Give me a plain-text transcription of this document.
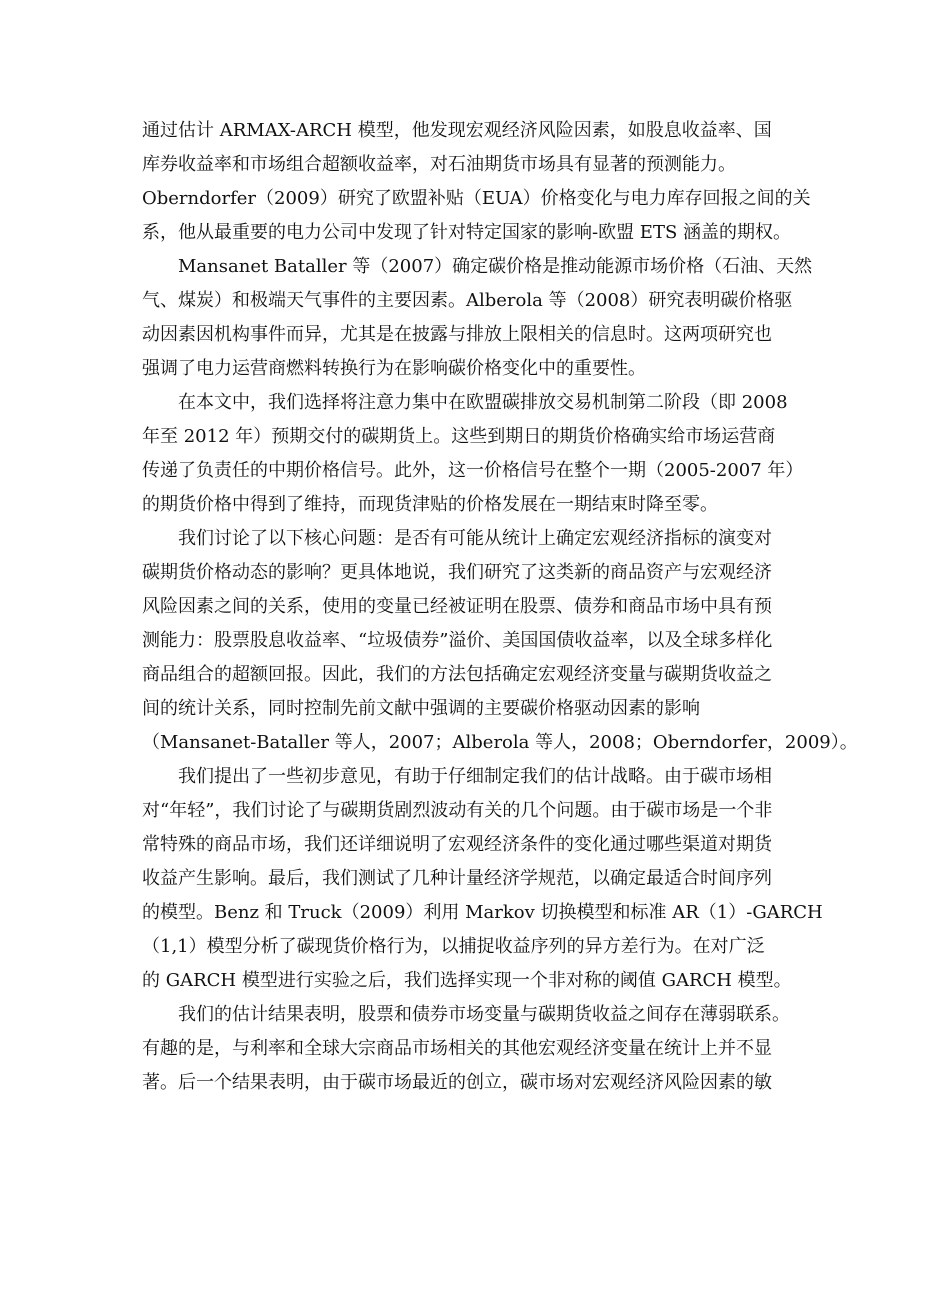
通过估计 ARMAX-ARCH 模型，他发现宏观经济风险因素，如股息收益率、国
库券收益率和市场组合超额收益率，对石油期货市场具有显著的预测能力。
Oberndorfer（2009）研究了欧盟补贴（EUA）价格变化与电力库存回报之间的关
系，他从最重要的电力公司中发现了针对特定国家的影响-欧盟 ETS 涵盖的期权。
Mansanet Bataller 等（2007）确定碳价格是推动能源市场价格（石油、天然
气、煤炭）和极端天气事件的主要因素。Alberola 等（2008）研究表明碳价格驱
动因素因机构事件而异，尤其是在披露与排放上限相关的信息时。这两项研究也
强调了电力运营商燃料转换行为在影响碳价格变化中的重要性。
在本文中，我们选择将注意力集中在欧盟碳排放交易机制第二阶段（即 2008
年至 2012 年）预期交付的碳期货上。这些到期日的期货价格确实给市场运营商
传递了负责任的中期价格信号。此外，这一价格信号在整个一期（2005-2007 年）
的期货价格中得到了维持，而现货津贴的价格发展在一期结束时降至零。
我们讨论了以下核心问题：是否有可能从统计上确定宏观经济指标的演变对
碳期货价格动态的影响？更具体地说，我们研究了这类新的商品资产与宏观经济
风险因素之间的关系，使用的变量已经被证明在股票、债券和商品市场中具有预
测能力：股票股息收益率、“垃圾债券”溢价、美国国债收益率，以及全球多样化
商品组合的超额回报。因此，我们的方法包括确定宏观经济变量与碳期货收益之
间的统计关系，同时控制先前文献中强调的主要碳价格驱动因素的影响
（Mansanet-Bataller 等人，2007；Alberola 等人，2008；Oberndorfer，2009）。
我们提出了一些初步意见，有助于仔细制定我们的估计战略。由于碳市场相
对“年轻”，我们讨论了与碳期货剧烈波动有关的几个问题。由于碳市场是一个非
常特殊的商品市场，我们还详细说明了宏观经济条件的变化通过哪些渠道对期货
收益产生影响。最后，我们测试了几种计量经济学规范，以确定最适合时间序列
的模型。Benz 和 Truck（2009）利用 Markov 切换模型和标准 AR（1）-GARCH
（1,1）模型分析了碳现货价格行为，以捕捉收益序列的异方差行为。在对广泛
的 GARCH 模型进行实验之后，我们选择实现一个非对称的阈值 GARCH 模型。
我们的估计结果表明，股票和债券市场变量与碳期货收益之间存在薄弱联系。
有趣的是，与利率和全球大宗商品市场相关的其他宏观经济变量在统计上并不显
著。后一个结果表明，由于碳市场最近的创立，碳市场对宏观经济风险因素的敏
